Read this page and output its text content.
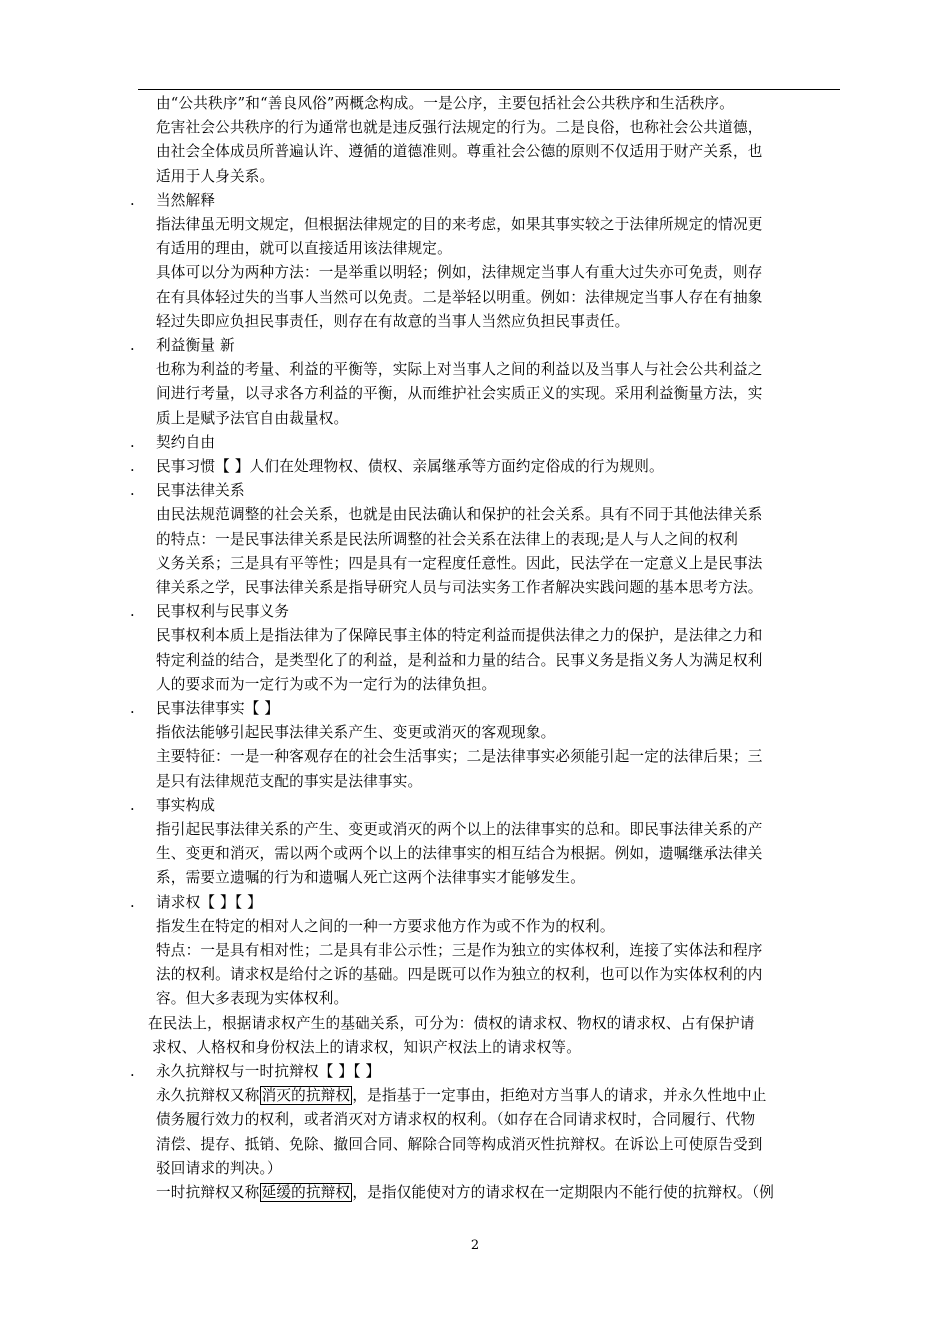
由“公共秩序”和“善良风俗”两概念构成。一是公序，主要包括社会公共秩序和生活秩序。
危害社会公共秩序的行为通常也就是违反强行法规定的行为。二是良俗，也称社会公共道德，
由社会全体成员所普遍认许、遵循的道德准则。尊重社会公德的原则不仅适用于财产关系，也
适用于人身关系。
当然解释
.
指法律虽无明文规定，但根据法律规定的目的来考虑，如果其事实较之于法律所规定的情况更
有适用的理由，就可以直接适用该法律规定。
具体可以分为两种方法：一是举重以明轻；例如，法律规定当事人有重大过失亦可免责，则存
在有具体轻过失的当事人当然可以免责。二是举轻以明重。例如：法律规定当事人存在有抽象
轻过失即应负担民事责任，则存在有故意的当事人当然应负担民事责任。
利益衡量 新
.
也称为利益的考量、利益的平衡等，实际上对当事人之间的利益以及当事人与社会公共利益之
间进行考量，以寻求各方利益的平衡，从而维护社会实质正义的实现。采用利益衡量方法，实
质上是赋予法官自由裁量权。
契约自由
.
民事习惯【 】人们在处理物权、债权、亲属继承等方面约定俗成的行为规则。
.
民事法律关系
.
由民法规范调整的社会关系，也就是由民法确认和保护的社会关系。具有不同于其他法律关系
的特点：一是民事法律关系是民法所调整的社会关系在法律上的表现;是人与人之间的权利
义务关系；三是具有平等性；四是具有一定程度任意性。因此，民法学在一定意义上是民事法
律关系之学，民事法律关系是指导研究人员与司法实务工作者解决实践问题的基本思考方法。
民事权利与民事义务
.
民事权利本质上是指法律为了保障民事主体的特定利益而提供法律之力的保护，是法律之力和
特定利益的结合，是类型化了的利益，是利益和力量的结合。民事义务是指义务人为满足权利
人的要求而为一定行为或不为一定行为的法律负担。
民事法律事实【 】
.
指依法能够引起民事法律关系产生、变更或消灭的客观现象。
主要特征：一是一种客观存在的社会生活事实；二是法律事实必须能引起一定的法律后果；三
是只有法律规范支配的事实是法律事实。
事实构成
.
指引起民事法律关系的产生、变更或消灭的两个以上的法律事实的总和。即民事法律关系的产
生、变更和消灭，需以两个或两个以上的法律事实的相互结合为根据。例如，遗嘱继承法律关
系，需要立遗嘱的行为和遗嘱人死亡这两个法律事实才能够发生。
请求权【 】【 】
.
指发生在特定的相对人之间的一种一方要求他方作为或不作为的权利。
特点：一是具有相对性；二是具有非公示性；三是作为独立的实体权利，连接了实体法和程序
法的权利。请求权是给付之诉的基础。四是既可以作为独立的权利，也可以作为实体权利的内
容。但大多表现为实体权利。
在民法上，根据请求权产生的基础关系，可分为：债权的请求权、物权的请求权、占有保护请
求权、人格权和身份权法上的请求权，知识产权法上的请求权等。
永久抗辩权与一时抗辩权【 】【 】
.
永久抗辩权又称 消灭的抗辩权 ，是指基于一定事由，拒绝对方当事人的请求，并永久性地中止
债务履行效力的权利，或者消灭对方请求权的权利。（如存在合同请求权时，合同履行、代物
清偿、提存、抵销、免除、撤回合同、解除合同等构成消灭性抗辩权。在诉讼上可使原告受到
驳回请求的判决。）
一时抗辩权又称 延缓的抗辩权 ，是指仅能使对方的请求权在一定期限内不能行使的抗辩权。（例
2
